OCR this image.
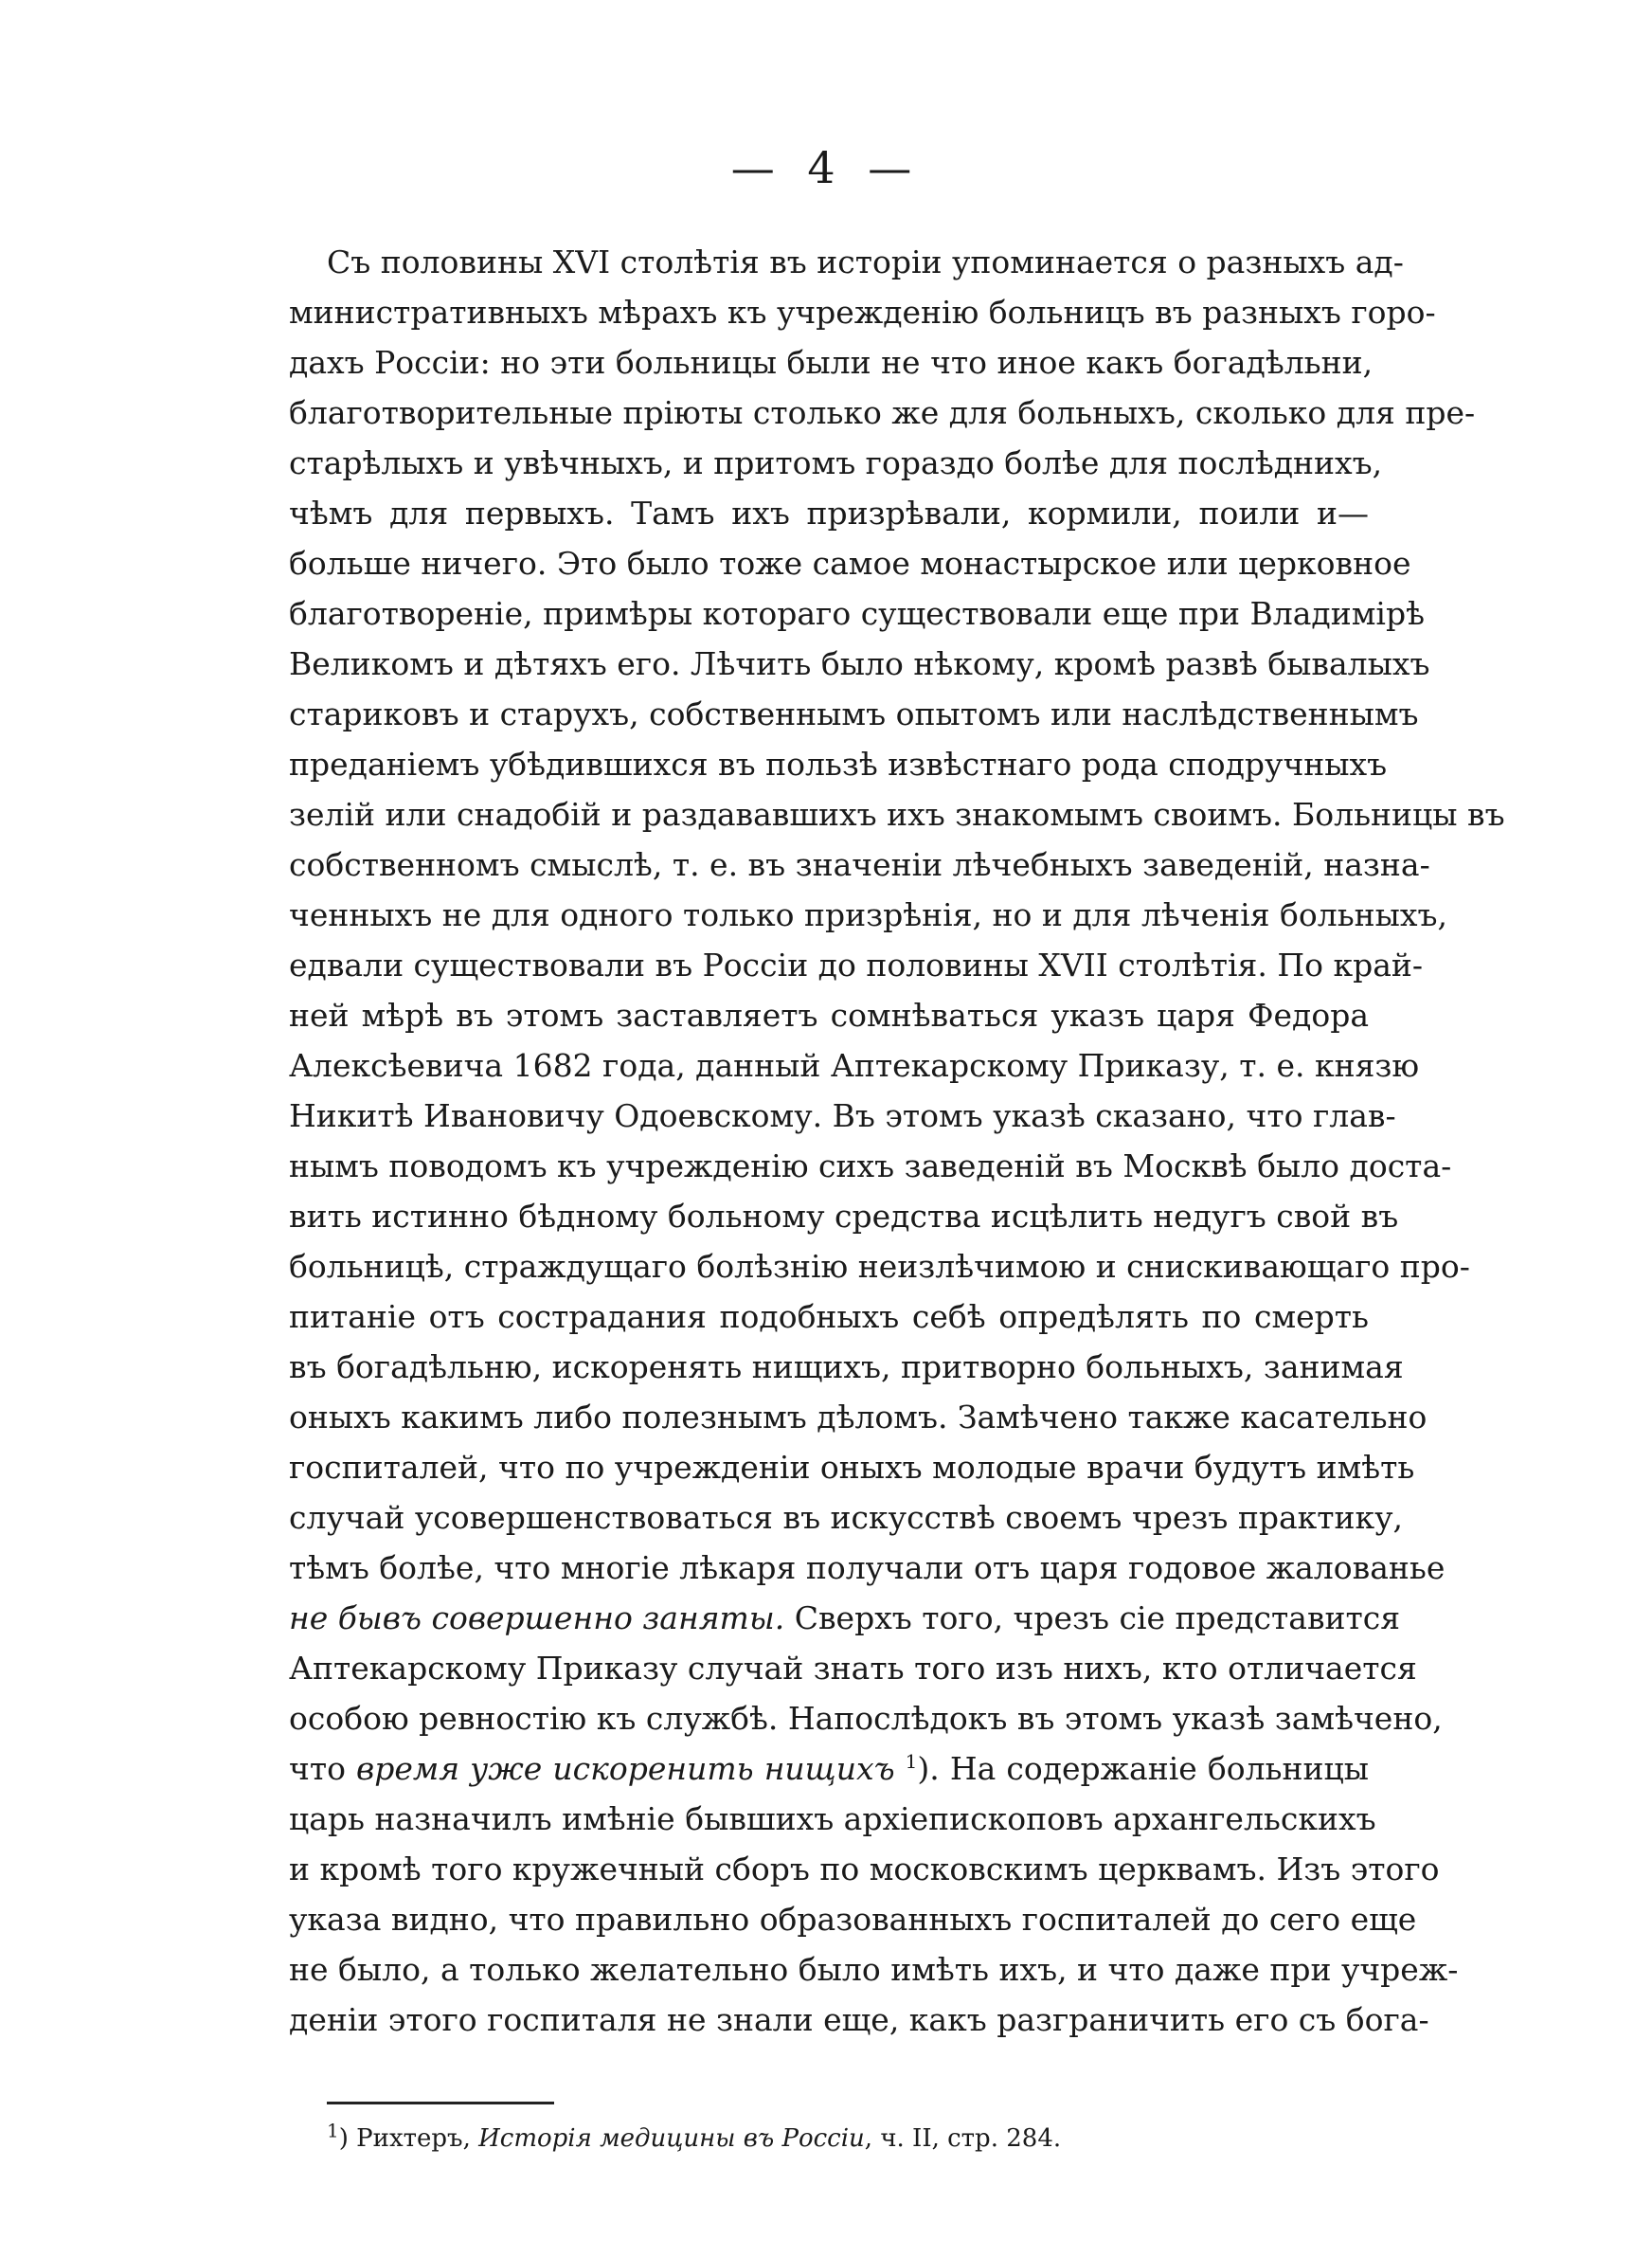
— 4 —
Съ половины XVI столѣтія въ исторіи упоминается о разныхъ ад-
министративныхъ мѣрахъ къ учрежденію больницъ въ разныхъ горо-
дахъ Россіи: но эти больницы были не что иное какъ богадѣльни,
благотворительные пріюты столько же для больныхъ, сколько для пре-
старѣлыхъ и увѣчныхъ, и притомъ гораздо болѣе для послѣднихъ,
чѣмъ для первыхъ. Тамъ ихъ призрѣвали, кормили, поили и—
больше ничего. Это было тоже самое монастырское или церковное
благотвореніе, примѣры котораго существовали еще при Владимірѣ
Великомъ и дѣтяхъ его. Лѣчить было нѣкому, кромѣ развѣ бывалыхъ
стариковъ и старухъ, собственнымъ опытомъ или наслѣдственнымъ
преданіемъ убѣдившихся въ пользѣ извѣстнаго рода сподручныхъ
зелій или снадобій и раздававшихъ ихъ знакомымъ своимъ. Больницы въ
собственномъ смыслѣ, т. е. въ значеніи лѣчебныхъ заведеній, назна-
ченныхъ не для одного только призрѣнія, но и для лѣченія больныхъ,
едвали существовали въ Россіи до половины XVII столѣтія. По край-
ней мѣрѣ въ этомъ заставляетъ сомнѣваться указъ царя Федора
Алексѣевича 1682 года, данный Аптекарскому Приказу, т. е. князю
Никитѣ Ивановичу Одоевскому. Въ этомъ указѣ сказано, что глав-
нымъ поводомъ къ учрежденію сихъ заведеній въ Москвѣ было доста-
вить истинно бѣдному больному средства исцѣлить недугъ свой въ
больницѣ, страждущаго болѣзнію неизлѣчимою и снискивающаго про-
питаніе отъ сострадания подобныхъ себѣ опредѣлять по смерть
въ богадѣльню, искоренять нищихъ, притворно больныхъ, занимая
оныхъ какимъ либо полезнымъ дѣломъ. Замѣчено также касательно
госпиталей, что по учрежденіи оныхъ молодые врачи будутъ имѣть
случай усовершенствоваться въ искусствѣ своемъ чрезъ практику,
тѣмъ болѣе, что многіе лѣкаря получали отъ царя годовое жалованье
не бывъ совершенно заняты. Сверхъ того, чрезъ сіе представится
Аптекарскому Приказу случай знать того изъ нихъ, кто отличается
особою ревностію къ службѣ. Напослѣдокъ въ этомъ указѣ замѣчено,
что время уже искоренить нищихъ $^1$). На содержаніе больницы
царь назначилъ имѣніе бывшихъ архіепископовъ архангельскихъ
и кромѣ того кружечный сборъ по московскимъ церквамъ. Изъ этого
указа видно, что правильно образованныхъ госпиталей до сего еще
не было, а только желательно было имѣть ихъ, и что даже при учреж-
деніи этого госпиталя не знали еще, какъ разграничить его съ бога-
$^1$) Рихтеръ, Исторія медицины въ Россіи, ч. II, стр. 284.
